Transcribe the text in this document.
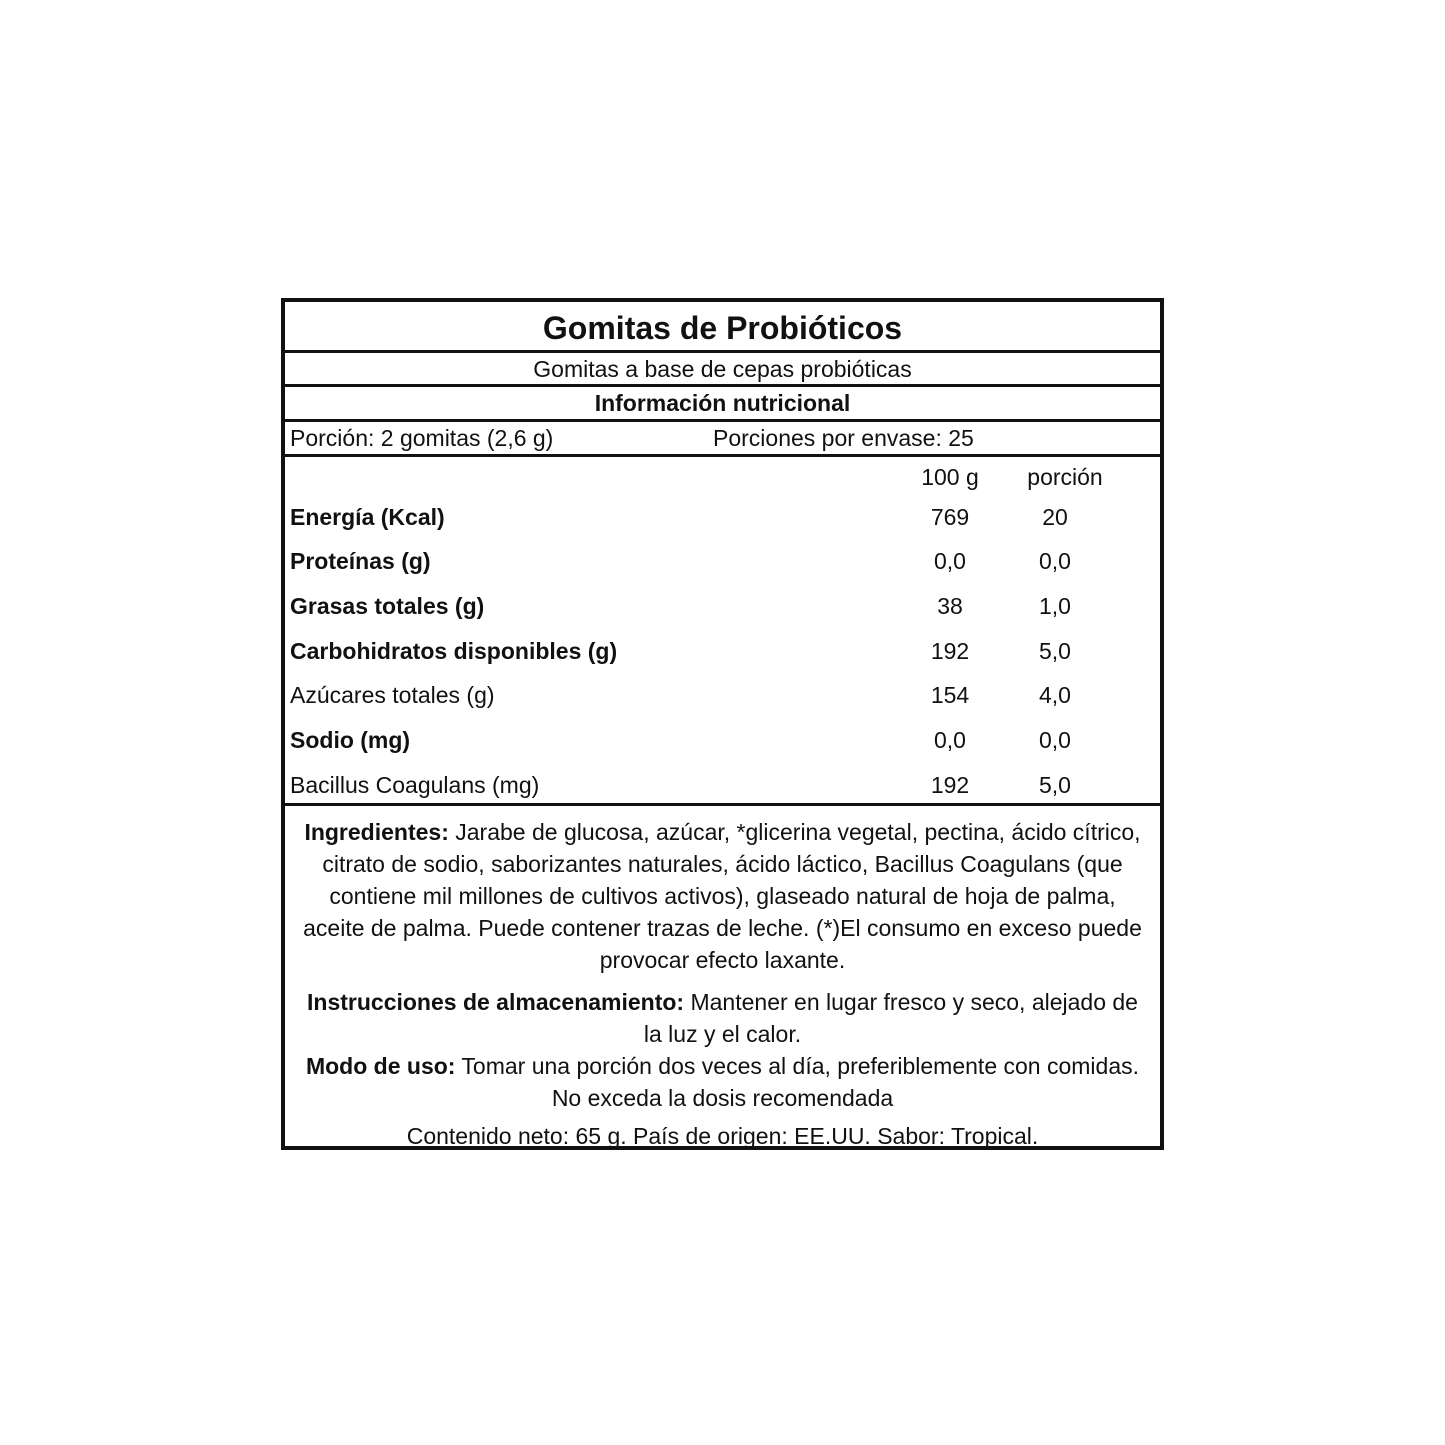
Gomitas de Probióticos
Gomitas a base de cepas probióticas
Información nutricional
Porción: 2 gomitas (2,6 g)	Porciones por envase: 25
100 g	porción
Energía (Kcal)	769	20
Proteínas (g)	0,0	0,0
Grasas totales (g)	38	1,0
Carbohidratos disponibles (g)	192	5,0
Azúcares totales (g)	154	4,0
Sodio (mg)	0,0	0,0
Bacillus Coagulans (mg)	192	5,0
Ingredientes: Jarabe de glucosa, azúcar, *glicerina vegetal, pectina, ácido cítrico, citrato de sodio, saborizantes naturales, ácido láctico, Bacillus Coagulans (que contiene mil millones de cultivos activos), glaseado natural de hoja de palma, aceite de palma. Puede contener trazas de leche. (*)El consumo en exceso puede provocar efecto laxante.
Instrucciones de almacenamiento: Mantener en lugar fresco y seco, alejado de la luz y el calor.
Modo de uso: Tomar una porción dos veces al día, preferiblemente con comidas. No exceda la dosis recomendada
Contenido neto: 65 g. País de origen: EE.UU. Sabor: Tropical.
